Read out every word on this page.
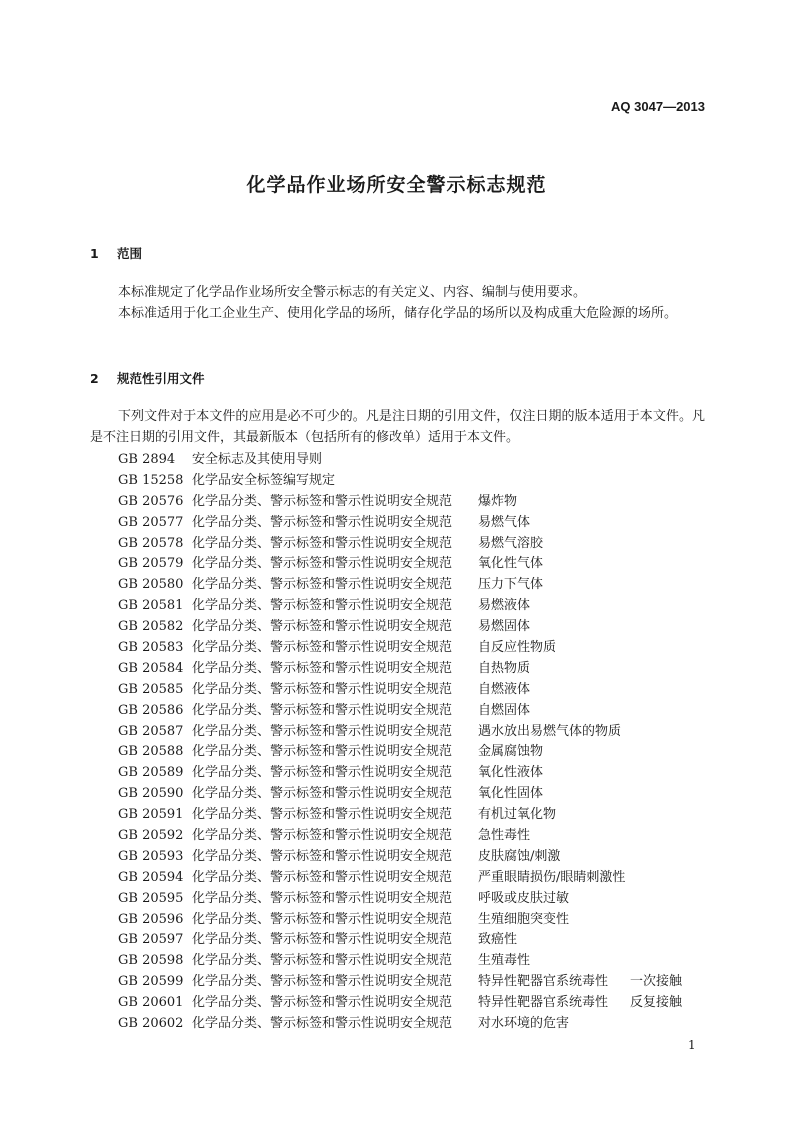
AQ 3047—2013
化学品作业场所安全警示标志规范
1 范围
本标准规定了化学品作业场所安全警示标志的有关定义、内容、编制与使用要求。
本标准适用于化工企业生产、使用化学品的场所，储存化学品的场所以及构成重大危险源的场所。
2 规范性引用文件
下列文件对于本文件的应用是必不可少的。凡是注日期的引用文件，仅注日期的版本适用于本文件。凡是不注日期的引用文件，其最新版本（包括所有的修改单）适用于本文件。
GB 2894 安全标志及其使用导则
GB 15258 化学品安全标签编写规定
GB 20576 化学品分类、警示标签和警示性说明安全规范 爆炸物
GB 20577 化学品分类、警示标签和警示性说明安全规范 易燃气体
GB 20578 化学品分类、警示标签和警示性说明安全规范 易燃气溶胶
GB 20579 化学品分类、警示标签和警示性说明安全规范 氧化性气体
GB 20580 化学品分类、警示标签和警示性说明安全规范 压力下气体
GB 20581 化学品分类、警示标签和警示性说明安全规范 易燃液体
GB 20582 化学品分类、警示标签和警示性说明安全规范 易燃固体
GB 20583 化学品分类、警示标签和警示性说明安全规范 自反应性物质
GB 20584 化学品分类、警示标签和警示性说明安全规范 自热物质
GB 20585 化学品分类、警示标签和警示性说明安全规范 自燃液体
GB 20586 化学品分类、警示标签和警示性说明安全规范 自燃固体
GB 20587 化学品分类、警示标签和警示性说明安全规范 遇水放出易燃气体的物质
GB 20588 化学品分类、警示标签和警示性说明安全规范 金属腐蚀物
GB 20589 化学品分类、警示标签和警示性说明安全规范 氧化性液体
GB 20590 化学品分类、警示标签和警示性说明安全规范 氧化性固体
GB 20591 化学品分类、警示标签和警示性说明安全规范 有机过氧化物
GB 20592 化学品分类、警示标签和警示性说明安全规范 急性毒性
GB 20593 化学品分类、警示标签和警示性说明安全规范 皮肤腐蚀/刺激
GB 20594 化学品分类、警示标签和警示性说明安全规范 严重眼睛损伤/眼睛刺激性
GB 20595 化学品分类、警示标签和警示性说明安全规范 呼吸或皮肤过敏
GB 20596 化学品分类、警示标签和警示性说明安全规范 生殖细胞突变性
GB 20597 化学品分类、警示标签和警示性说明安全规范 致癌性
GB 20598 化学品分类、警示标签和警示性说明安全规范 生殖毒性
GB 20599 化学品分类、警示标签和警示性说明安全规范 特异性靶器官系统毒性 一次接触
GB 20601 化学品分类、警示标签和警示性说明安全规范 特异性靶器官系统毒性 反复接触
GB 20602 化学品分类、警示标签和警示性说明安全规范 对水环境的危害
1
